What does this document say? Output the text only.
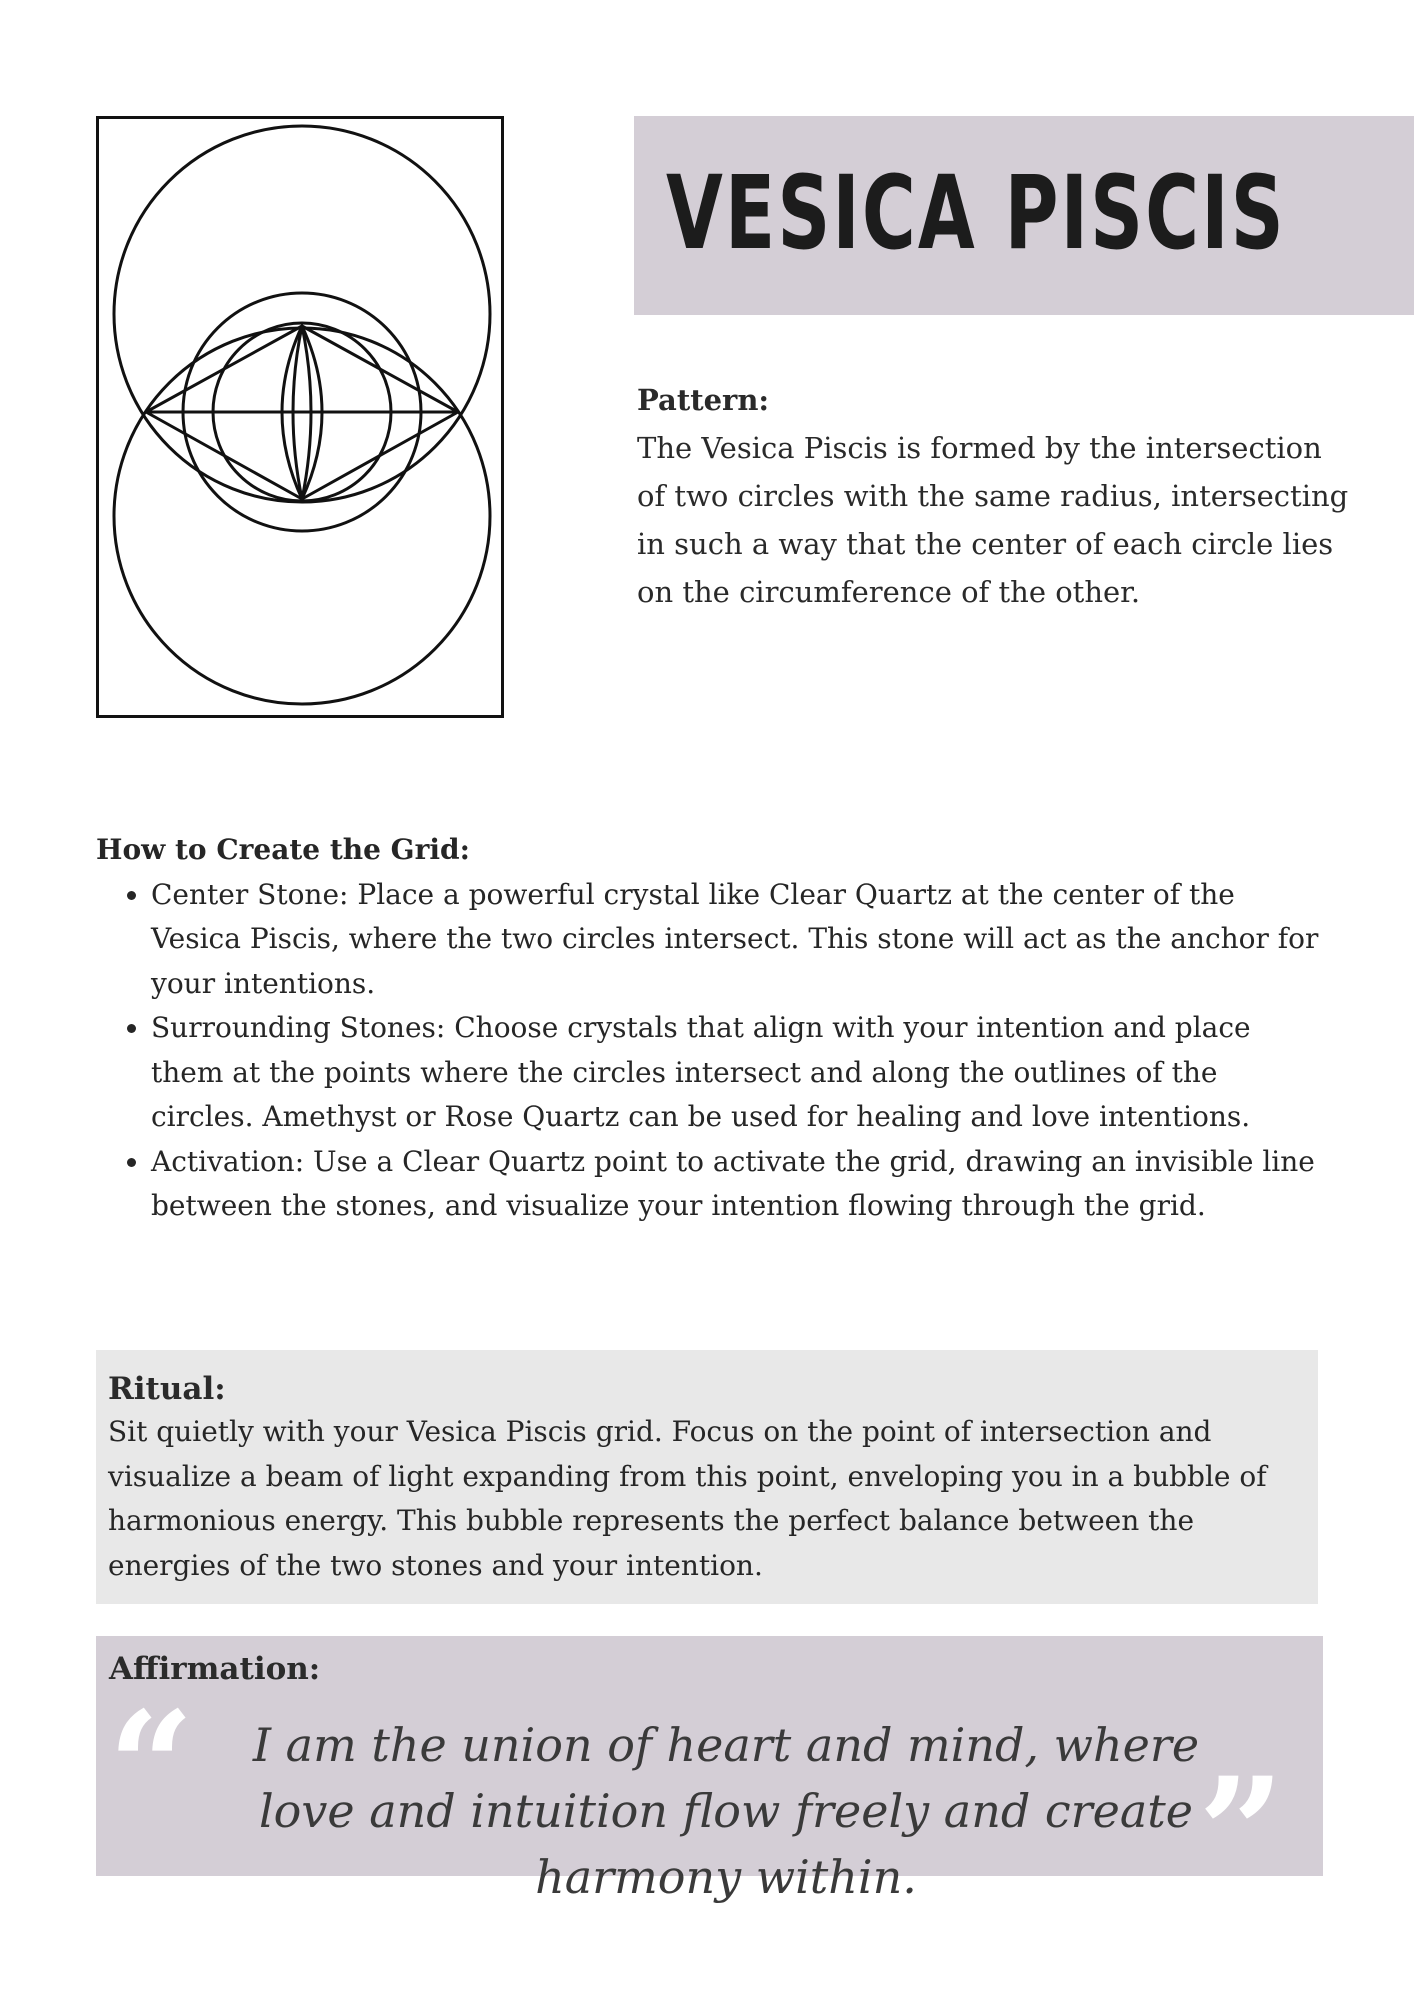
VESICA PISCIS
Pattern:
The Vesica Piscis is formed by the intersection of two circles with the same radius, intersecting in such a way that the center of each circle lies on the circumference of the other.
How to Create the Grid:
• Center Stone: Place a powerful crystal like Clear Quartz at the center of the Vesica Piscis, where the two circles intersect. This stone will act as the anchor for your intentions.
• Surrounding Stones: Choose crystals that align with your intention and place them at the points where the circles intersect and along the outlines of the circles. Amethyst or Rose Quartz can be used for healing and love intentions.
• Activation: Use a Clear Quartz point to activate the grid, drawing an invisible line between the stones, and visualize your intention flowing through the grid.
Ritual:
Sit quietly with your Vesica Piscis grid. Focus on the point of intersection and visualize a beam of light expanding from this point, enveloping you in a bubble of harmonious energy. This bubble represents the perfect balance between the energies of the two stones and your intention.
Affirmation:
“	I am the union of heart and mind, where love and intuition flow freely and create harmony within.	”
